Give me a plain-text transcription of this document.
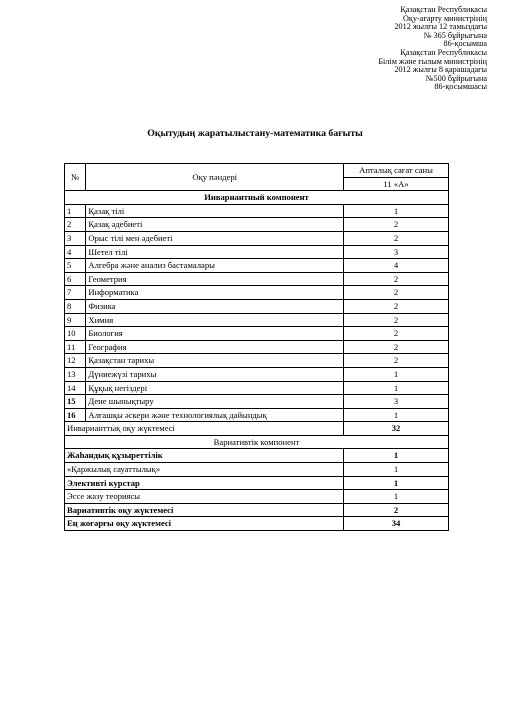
Қазақстан Республикасы
Оқу-ағарту министрінің
2012 жылғы 12 тамыздағы
№ 365 бұйрығына
86-қосымша
Қазақстан Республикасы
Білім және ғылым министрінің
2012 жылғы 8 қарашадағы
№500 бұйрығына
86-қосымшасы
Оқытудың жаратылыстану-математика бағыты
№	Оқу пәндері	Апталық сағат саны
		11 «А»
Инварнантный компонент		
1	Қазақ тілі	1
2	Қазақ әдебиеті	2
3	Орыс тілі мен әдебиеті	2
4	Шетел тілі	3
5	Алгебра және анализ бастамалары	4
6	Геометрия	2
7	Информатика	2
8	Физика	2
9	Химия	2
10	Биология	2
11	География	2
12	Қазақстан тарихы	2
13	Дүниежүзі тарихы	1
14	Құқық негіздері	1
15	Дене шынықтыру	3
16	Алғашқы әскери және технологиялық дайындық	1
Инварианттық оқу жүктемесі		32
Вариативтік компонент		
Жаһандық құзыреттілік		1
«Қаржылық сауаттылық»		1
Элективті курстар		1
Эссе жазу теориясы		1
Вариативтік оқу жүктемесі		2
Ең жоғарғы оқу жүктемесі		34
